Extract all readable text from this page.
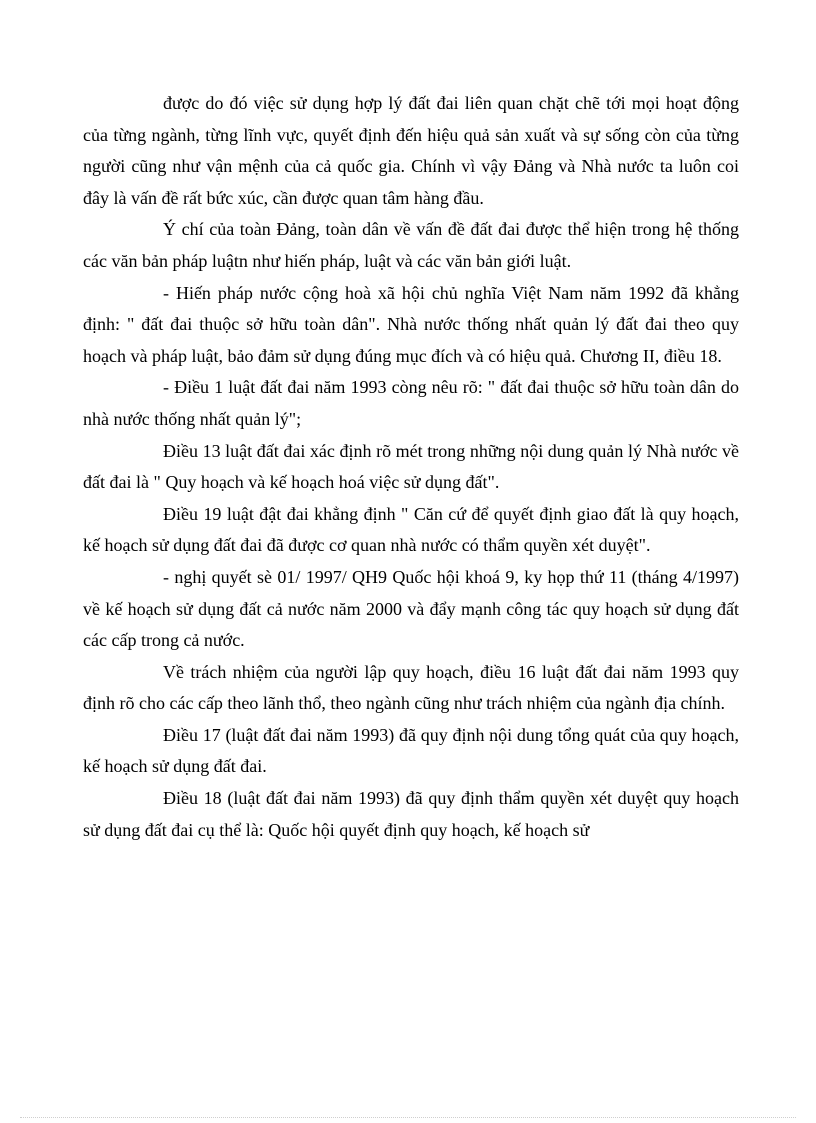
được do đó việc sử dụng hợp lý đất đai liên quan chặt chẽ tới mọi hoạt động của từng ngành, từng lĩnh vực, quyết định đến hiệu quả sản xuất và sự sống còn của từng người cũng như vận mệnh của cả quốc gia. Chính vì vậy Đảng và Nhà nước ta luôn coi đây là vấn đề rất bức xúc, cần được quan tâm hàng đầu.

Ý chí của toàn Đảng, toàn dân về vấn đề đất đai được thể hiện trong hệ thống các văn bản pháp luậtn như hiến pháp, luật và các văn bản giới luật.

- Hiến pháp nước cộng hoà xã hội chủ nghĩa Việt Nam năm 1992 đã khẳng định: " đất đai thuộc sở hữu toàn dân". Nhà nước thống nhất quản lý đất đai theo quy hoạch và pháp luật, bảo đảm sử dụng đúng mục đích và có hiệu quả. Chương II, điều 18.

- Điều 1 luật đất đai năm 1993 còng nêu rõ: " đất đai thuộc sở hữu toàn dân do nhà nước thống nhất quản lý";

Điều 13 luật đất đai xác định rõ mét trong những nội dung quản lý Nhà nước về đất đai là " Quy hoạch và kế hoạch hoá việc sử dụng đất".

Điều 19 luật đật đai khẳng định " Căn cứ để quyết định giao đất là quy hoạch, kế hoạch sử dụng đất đai đã được cơ quan nhà nước có thẩm quyền xét duyệt".

- nghị quyết sè 01/ 1997/ QH9 Quốc hội khoá 9, ky họp thứ 11 (tháng 4/1997) về kế hoạch sử dụng đất cả nước năm 2000 và đẩy mạnh công tác quy hoạch sử dụng đất các cấp trong cả nước.

Về trách nhiệm của người lập quy hoạch, điều 16 luật đất đai năm 1993 quy định rõ cho các cấp theo lãnh thổ, theo ngành cũng như trách nhiệm của ngành địa chính.

Điều 17 (luật đất đai năm 1993) đã quy định nội dung tổng quát của quy hoạch, kế hoạch sử dụng đất đai.

Điều 18 (luật đất đai năm 1993) đã quy định thẩm quyền xét duyệt quy hoạch sử dụng đất đai cụ thể là: Quốc hội quyết định quy hoạch, kế hoạch sử
